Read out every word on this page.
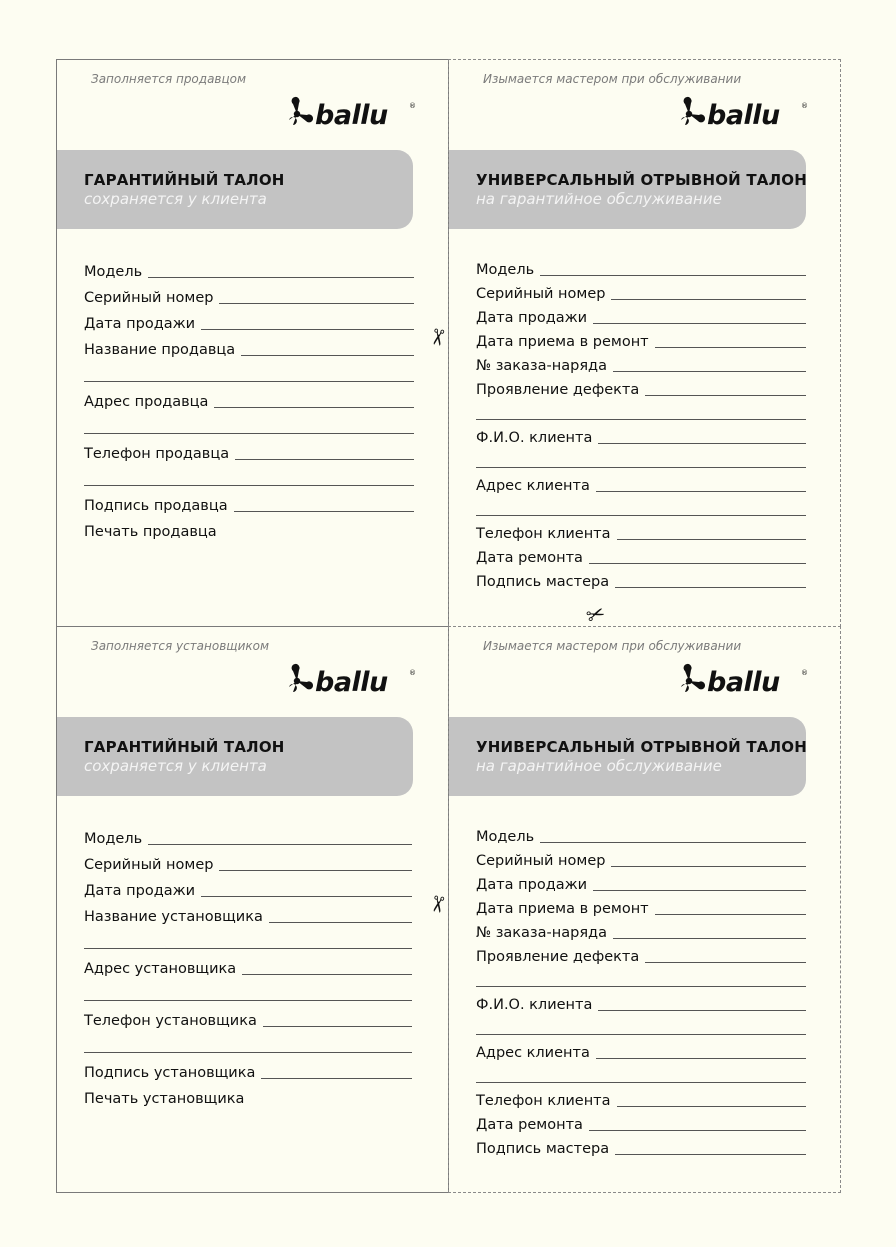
Заполняется продавцом
ballu	®
ГАРАНТИЙНЫЙ ТАЛОН
сохраняется у клиента
Модель
Серийный номер
Дата продажи
Название продавца
Адрес продавца
Телефон продавца
Подпись продавца
Печать продавца
Изымается мастером при обслуживании
ballu	®
УНИВЕРСАЛЬНЫЙ ОТРЫВНОЙ ТАЛОН
на гарантийное обслуживание
Модель
Серийный номер
Дата продажи
Дата приема в ремонт
№ заказа-наряда
Проявление дефекта
Ф.И.О. клиента
Адрес клиента
Телефон клиента
Дата ремонта
Подпись мастера
Заполняется установщиком
ballu	®
ГАРАНТИЙНЫЙ ТАЛОН
сохраняется у клиента
Модель
Серийный номер
Дата продажи
Название установщика
Адрес установщика
Телефон установщика
Подпись установщика
Печать установщика
Изымается мастером при обслуживании
ballu	®
УНИВЕРСАЛЬНЫЙ ОТРЫВНОЙ ТАЛОН
на гарантийное обслуживание
Модель
Серийный номер
Дата продажи
Дата приема в ремонт
№ заказа-наряда
Проявление дефекта
Ф.И.О. клиента
Адрес клиента
Телефон клиента
Дата ремонта
Подпись мастера
✂
✂
✂
